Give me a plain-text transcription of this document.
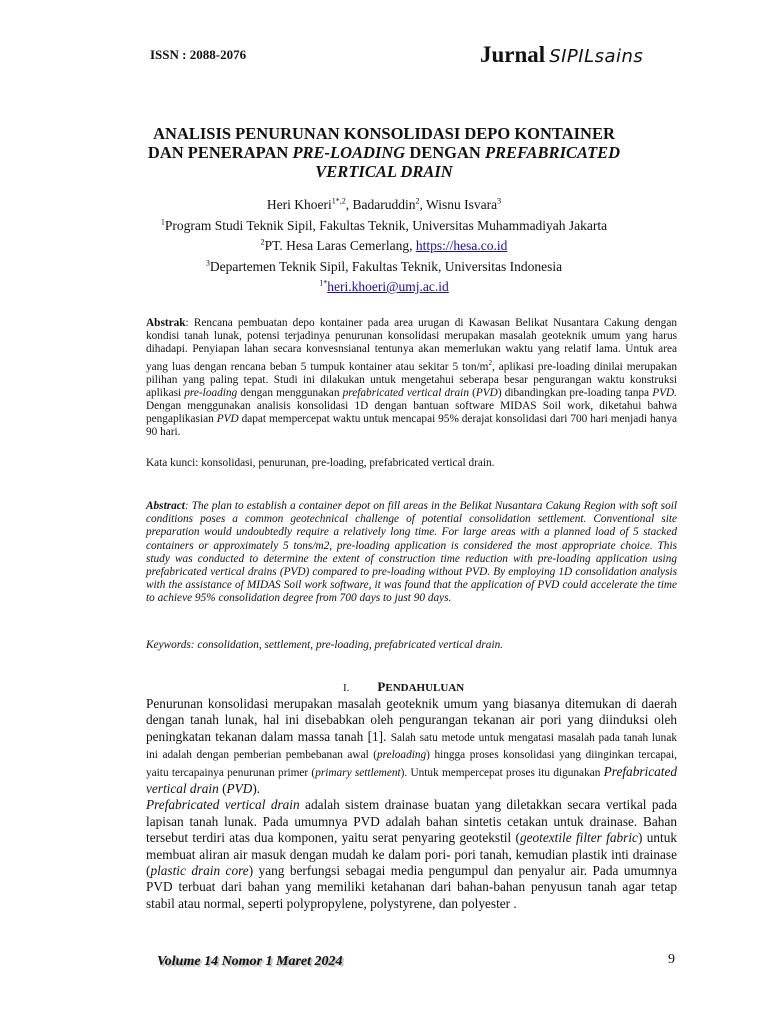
ISSN : 2088-2076	Jurnal SIPILsains
ANALISIS PENURUNAN KONSOLIDASI DEPO KONTAINER
DAN PENERAPAN PRE-LOADING DENGAN PREFABRICATED
VERTICAL DRAIN
Heri Khoeri$^{1*,2}$, Badaruddin$^2$, Wisnu Isvara$^3$
$^1$Program Studi Teknik Sipil, Fakultas Teknik, Universitas Muhammadiyah Jakarta
$^2$PT. Hesa Laras Cemerlang, https://hesa.co.id
$^3$Departemen Teknik Sipil, Fakultas Teknik, Universitas Indonesia
$^{1*}$heri.khoeri@umj.ac.id
Abstrak: Rencana pembuatan depo kontainer pada area urugan di Kawasan Belikat Nusantara Cakung dengan kondisi tanah lunak, potensi terjadinya penurunan konsolidasi merupakan masalah geoteknik umum yang harus dihadapi. Penyiapan lahan secara konvesnsianal tentunya akan memerlukan waktu yang relatif lama. Untuk area yang luas dengan rencana beban 5 tumpuk kontainer atau sekitar 5 ton/$m^2$, aplikasi pre-loading dinilai merupakan pilihan yang paling tepat. Studi ini dilakukan untuk mengetahui seberapa besar pengurangan waktu konstruksi aplikasi pre-loading dengan menggunakan prefabricated vertical drain (PVD) dibandingkan pre-loading tanpa PVD. Dengan menggunakan analisis konsolidasi 1D dengan bantuan software MIDAS Soil work, diketahui bahwa pengaplikasian PVD dapat mempercepat waktu untuk mencapai 95% derajat konsolidasi dari 700 hari menjadi hanya 90 hari.
Kata kunci: konsolidasi, penurunan, pre-loading, prefabricated vertical drain.
Abstract: The plan to establish a container depot on fill areas in the Belikat Nusantara Cakung Region with soft soil conditions poses a common geotechnical challenge of potential consolidation settlement. Conventional site preparation would undoubtedly require a relatively long time. For large areas with a planned load of 5 stacked containers or approximately 5 tons/m2, pre-loading application is considered the most appropriate choice. This study was conducted to determine the extent of construction time reduction with pre-loading application using prefabricated vertical drains (PVD) compared to pre-loading without PVD. By employing 1D consolidation analysis with the assistance of MIDAS Soil work software, it was found that the application of PVD could accelerate the time to achieve 95% consolidation degree from 700 days to just 90 days.
Keywords: consolidation, settlement, pre-loading, prefabricated vertical drain.
I. PENDAHULUAN
Penurunan konsolidasi merupakan masalah geoteknik umum yang biasanya ditemukan di daerah dengan tanah lunak, hal ini disebabkan oleh pengurangan tekanan air pori yang diinduksi oleh peningkatan tekanan dalam massa tanah [1]. Salah satu metode untuk mengatasi masalah pada tanah lunak ini adalah dengan pemberian pembebanan awal (preloading) hingga proses konsolidasi yang diinginkan tercapai, yaitu tercapainya penurunan primer (primary settlement). Untuk mempercepat proses itu digunakan Prefabricated vertical drain (PVD).
Prefabricated vertical drain adalah sistem drainase buatan yang diletakkan secara vertikal pada lapisan tanah lunak. Pada umumnya PVD adalah bahan sintetis cetakan untuk drainase. Bahan tersebut terdiri atas dua komponen, yaitu serat penyaring geotekstil (geotextile filter fabric) untuk membuat aliran air masuk dengan mudah ke dalam pori- pori tanah, kemudian plastik inti drainase (plastic drain core) yang berfungsi sebagai media pengumpul dan penyalur air. Pada umumnya PVD terbuat dari bahan yang memiliki ketahanan dari bahan-bahan penyusun tanah agar tetap stabil atau normal, seperti polypropylene, polystyrene, dan polyester .
Volume 14 Nomor 1 Maret 2024	9
